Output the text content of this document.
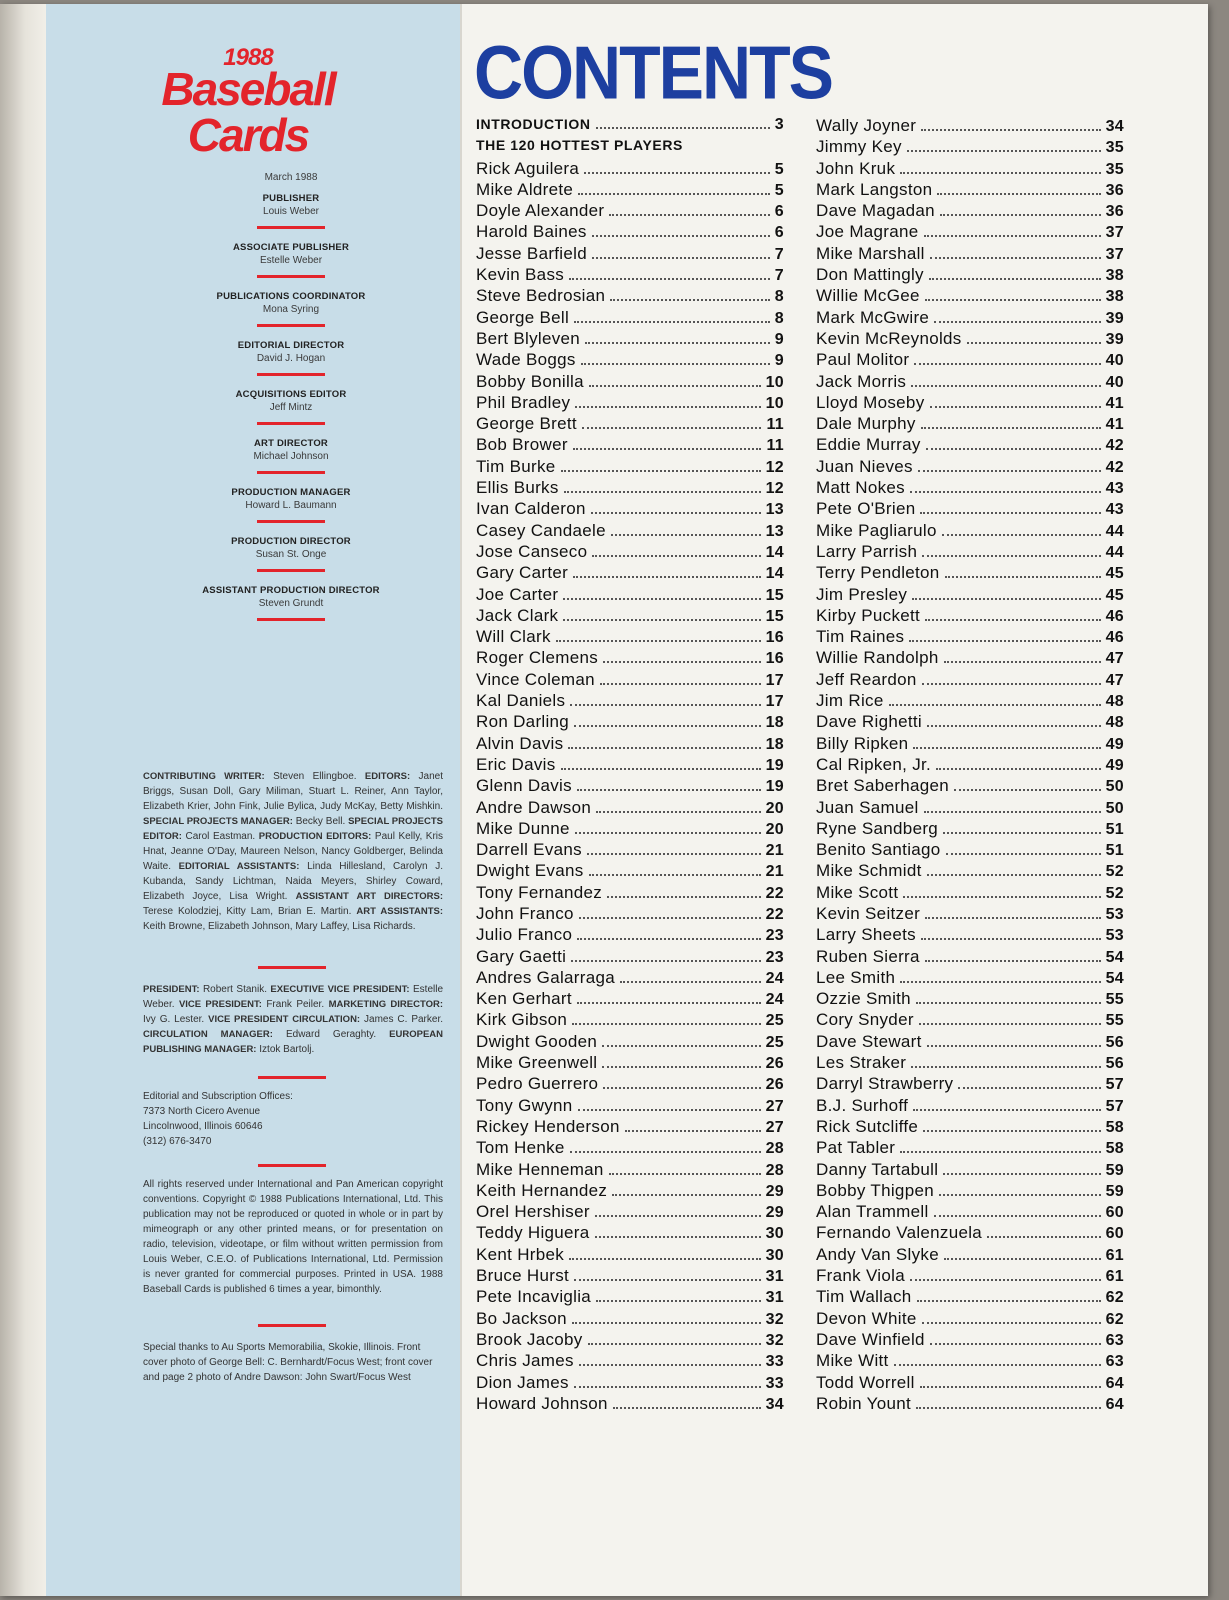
1988
Baseball Cards
March 1988
PUBLISHER
Louis Weber
ASSOCIATE PUBLISHER
Estelle Weber
PUBLICATIONS COORDINATOR
Mona Syring
EDITORIAL DIRECTOR
David J. Hogan
ACQUISITIONS EDITOR
Jeff Mintz
ART DIRECTOR
Michael Johnson
PRODUCTION MANAGER
Howard L. Baumann
PRODUCTION DIRECTOR
Susan St. Onge
ASSISTANT PRODUCTION DIRECTOR
Steven Grundt
CONTRIBUTING WRITER: Steven Ellingboe. EDITORS: Janet Briggs, Susan Doll, Gary Miliman, Stuart L. Reiner, Ann Taylor, Elizabeth Krier, John Fink, Julie Bylica, Judy McKay, Betty Mishkin. SPECIAL PROJECTS MANAGER: Becky Bell. SPECIAL PROJECTS EDITOR: Carol Eastman. PRODUCTION EDITORS: Paul Kelly, Kris Hnat, Jeanne O'Day, Maureen Nelson, Nancy Goldberger, Belinda Waite. EDITORIAL ASSISTANTS: Linda Hillesland, Carolyn J. Kubanda, Sandy Lichtman, Naida Meyers, Shirley Coward, Elizabeth Joyce, Lisa Wright. ASSISTANT ART DIRECTORS: Terese Kolodziej, Kitty Lam, Brian E. Martin. ART ASSISTANTS: Keith Browne, Elizabeth Johnson, Mary Laffey, Lisa Richards.
PRESIDENT: Robert Stanik. EXECUTIVE VICE PRESIDENT: Estelle Weber. VICE PRESIDENT: Frank Peiler. MARKETING DIRECTOR: Ivy G. Lester. VICE PRESIDENT CIRCULATION: James C. Parker. CIRCULATION MANAGER: Edward Geraghty. EUROPEAN PUBLISHING MANAGER: Iztok Bartolj.
Editorial and Subscription Offices:
7373 North Cicero Avenue
Lincolnwood, Illinois 60646
(312) 676-3470
All rights reserved under International and Pan American copyright conventions. Copyright © 1988 Publications International, Ltd. This publication may not be reproduced or quoted in whole or in part by mimeograph or any other printed means, or for presentation on radio, television, videotape, or film without written permission from Louis Weber, C.E.O. of Publications International, Ltd. Permission is never granted for commercial purposes. Printed in USA. 1988 Baseball Cards is published 6 times a year, bimonthly.
Special thanks to Au Sports Memorabilia, Skokie, Illinois. Front cover photo of George Bell: C. Bernhardt/Focus West; front cover and page 2 photo of Andre Dawson: John Swart/Focus West
CONTENTS
INTRODUCTION	3
THE 120 HOTTEST PLAYERS
Rick Aguilera	5
Mike Aldrete	5
Doyle Alexander	6
Harold Baines	6
Jesse Barfield	7
Kevin Bass	7
Steve Bedrosian	8
George Bell	8
Bert Blyleven	9
Wade Boggs	9
Bobby Bonilla	10
Phil Bradley	10
George Brett	11
Bob Brower	11
Tim Burke	12
Ellis Burks	12
Ivan Calderon	13
Casey Candaele	13
Jose Canseco	14
Gary Carter	14
Joe Carter	15
Jack Clark	15
Will Clark	16
Roger Clemens	16
Vince Coleman	17
Kal Daniels	17
Ron Darling	18
Alvin Davis	18
Eric Davis	19
Glenn Davis	19
Andre Dawson	20
Mike Dunne	20
Darrell Evans	21
Dwight Evans	21
Tony Fernandez	22
John Franco	22
Julio Franco	23
Gary Gaetti	23
Andres Galarraga	24
Ken Gerhart	24
Kirk Gibson	25
Dwight Gooden	25
Mike Greenwell	26
Pedro Guerrero	26
Tony Gwynn	27
Rickey Henderson	27
Tom Henke	28
Mike Henneman	28
Keith Hernandez	29
Orel Hershiser	29
Teddy Higuera	30
Kent Hrbek	30
Bruce Hurst	31
Pete Incaviglia	31
Bo Jackson	32
Brook Jacoby	32
Chris James	33
Dion James	33
Howard Johnson	34
Wally Joyner	34
Jimmy Key	35
John Kruk	35
Mark Langston	36
Dave Magadan	36
Joe Magrane	37
Mike Marshall	37
Don Mattingly	38
Willie McGee	38
Mark McGwire	39
Kevin McReynolds	39
Paul Molitor	40
Jack Morris	40
Lloyd Moseby	41
Dale Murphy	41
Eddie Murray	42
Juan Nieves	42
Matt Nokes	43
Pete O'Brien	43
Mike Pagliarulo	44
Larry Parrish	44
Terry Pendleton	45
Jim Presley	45
Kirby Puckett	46
Tim Raines	46
Willie Randolph	47
Jeff Reardon	47
Jim Rice	48
Dave Righetti	48
Billy Ripken	49
Cal Ripken, Jr.	49
Bret Saberhagen	50
Juan Samuel	50
Ryne Sandberg	51
Benito Santiago	51
Mike Schmidt	52
Mike Scott	52
Kevin Seitzer	53
Larry Sheets	53
Ruben Sierra	54
Lee Smith	54
Ozzie Smith	55
Cory Snyder	55
Dave Stewart	56
Les Straker	56
Darryl Strawberry	57
B.J. Surhoff	57
Rick Sutcliffe	58
Pat Tabler	58
Danny Tartabull	59
Bobby Thigpen	59
Alan Trammell	60
Fernando Valenzuela	60
Andy Van Slyke	61
Frank Viola	61
Tim Wallach	62
Devon White	62
Dave Winfield	63
Mike Witt	63
Todd Worrell	64
Robin Yount	64
